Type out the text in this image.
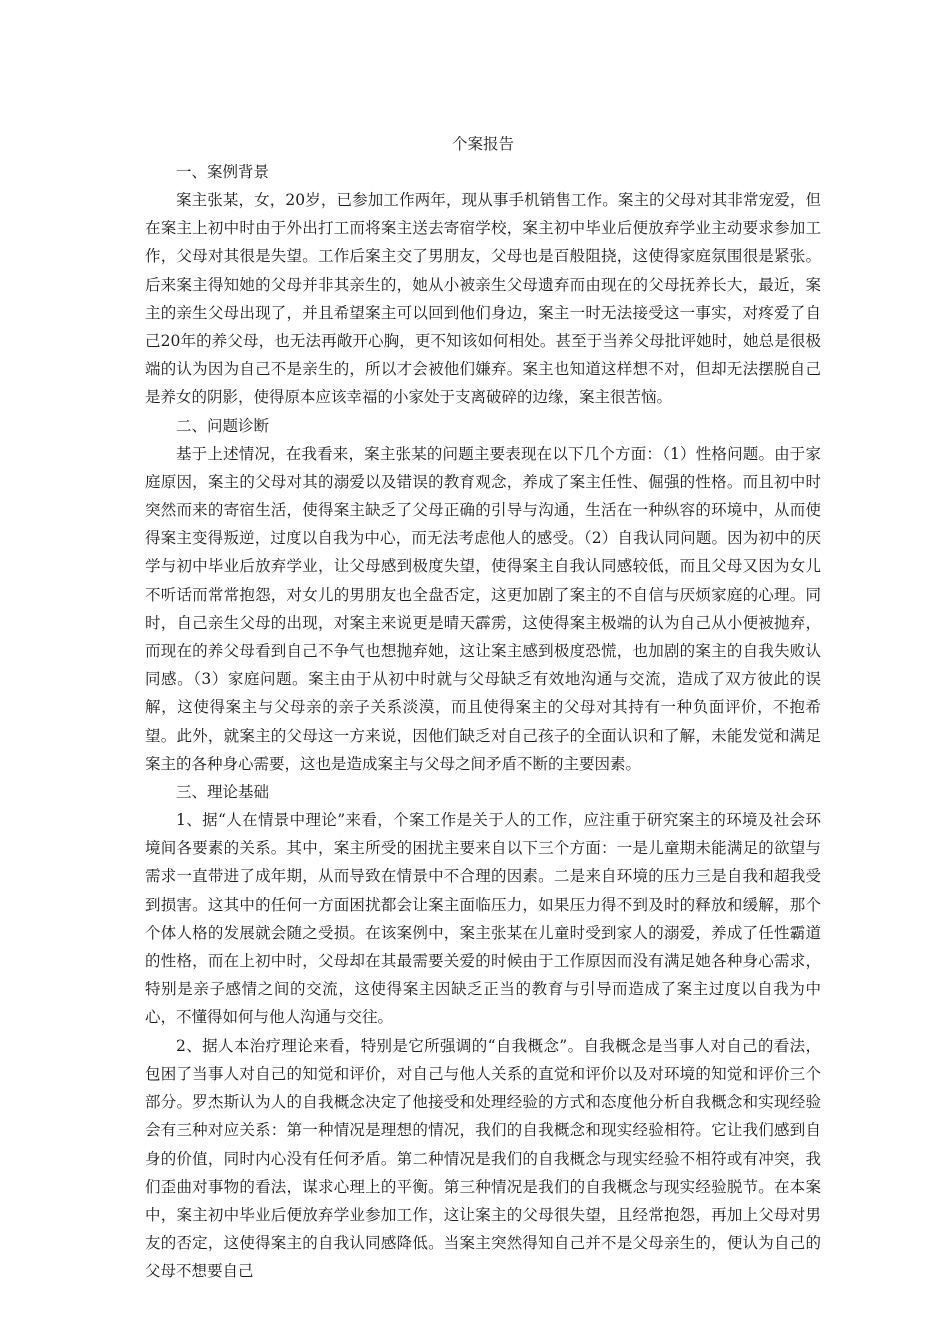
个案报告

一、案例背景

案主张某，女，20岁，已参加工作两年，现从事手机销售工作。案主的父母对其非常宠爱，但在案主上初中时由于外出打工而将案主送去寄宿学校，案主初中毕业后便放弃学业主动要求参加工作，父母对其很是失望。工作后案主交了男朋友，父母也是百般阻挠，这使得家庭氛围很是紧张。后来案主得知她的父母并非其亲生的，她从小被亲生父母遗弃而由现在的父母抚养长大，最近，案主的亲生父母出现了，并且希望案主可以回到他们身边，案主一时无法接受这一事实，对疼爱了自己20年的养父母，也无法再敞开心胸，更不知该如何相处。甚至于当养父母批评她时，她总是很极端的认为因为自己不是亲生的，所以才会被他们嫌弃。案主也知道这样想不对，但却无法摆脱自己是养女的阴影，使得原本应该幸福的小家处于支离破碎的边缘，案主很苦恼。

二、问题诊断

基于上述情况，在我看来，案主张某的问题主要表现在以下几个方面：（1）性格问题。由于家庭原因，案主的父母对其的溺爱以及错误的教育观念，养成了案主任性、倔强的性格。而且初中时突然而来的寄宿生活，使得案主缺乏了父母正确的引导与沟通，生活在一种纵容的环境中，从而使得案主变得叛逆，过度以自我为中心，而无法考虑他人的感受。（2）自我认同问题。因为初中的厌学与初中毕业后放弃学业，让父母感到极度失望，使得案主自我认同感较低，而且父母又因为女儿不听话而常常抱怨，对女儿的男朋友也全盘否定，这更加剧了案主的不自信与厌烦家庭的心理。同时，自己亲生父母的出现，对案主来说更是晴天霹雳，这使得案主极端的认为自己从小便被抛弃，而现在的养父母看到自己不争气也想抛弃她，这让案主感到极度恐慌，也加剧的案主的自我失败认同感。（3）家庭问题。案主由于从初中时就与父母缺乏有效地沟通与交流，造成了双方彼此的误解，这使得案主与父母亲的亲子关系淡漠，而且使得案主的父母对其持有一种负面评价，不抱希望。此外，就案主的父母这一方来说，因他们缺乏对自己孩子的全面认识和了解，未能发觉和满足案主的各种身心需要，这也是造成案主与父母之间矛盾不断的主要因素。

三、理论基础

1、据“人在情景中理论”来看，个案工作是关于人的工作，应注重于研究案主的环境及社会环境间各要素的关系。其中，案主所受的困扰主要来自以下三个方面：一是儿童期未能满足的欲望与需求一直带进了成年期，从而导致在情景中不合理的因素。二是来自环境的压力三是自我和超我受到损害。这其中的任何一方面困扰都会让案主面临压力，如果压力得不到及时的释放和缓解，那个个体人格的发展就会随之受损。在该案例中，案主张某在儿童时受到家人的溺爱，养成了任性霸道的性格，而在上初中时，父母却在其最需要关爱的时候由于工作原因而没有满足她各种身心需求，特别是亲子感情之间的交流，这使得案主因缺乏正当的教育与引导而造成了案主过度以自我为中心，不懂得如何与他人沟通与交往。

2、据人本治疗理论来看，特别是它所强调的“自我概念”。自我概念是当事人对自己的看法，包困了当事人对自己的知觉和评价，对自己与他人关系的直觉和评价以及对环境的知觉和评价三个部分。罗杰斯认为人的自我概念决定了他接受和处理经验的方式和态度他分析自我概念和实现经验会有三种对应关系：第一种情况是理想的情况，我们的自我概念和现实经验相符。它让我们感到自身的价值，同时内心没有任何矛盾。第二种情况是我们的自我概念与现实经验不相符或有冲突，我们歪曲对事物的看法，谋求心理上的平衡。第三种情况是我们的自我概念与现实经验脱节。在本案中，案主初中毕业后便放弃学业参加工作，这让案主的父母很失望，且经常抱怨，再加上父母对男友的否定，这使得案主的自我认同感降低。当案主突然得知自己并不是父母亲生的，便认为自己的父母不想要自己
